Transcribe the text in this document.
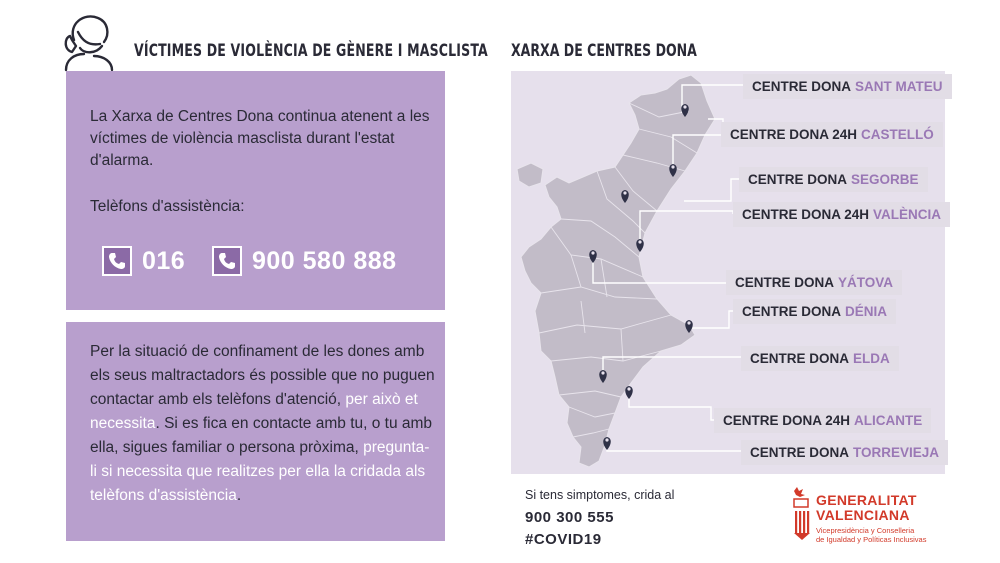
VÍCTIMES DE VIOLÈNCIA DE GÈNERE I MASCLISTA
La Xarxa de Centres Dona continua atenent a les víctimes de violència masclista durant l'estat d'alarma.
Telèfons d'assistència:
016	900 580 888

Per la situació de confinament de les dones amb els seus maltractadors és possible que no puguen contactar amb els telèfons d'atenció, per això et necessita. Si es fica en contacte amb tu, o tu amb ella, sigues familiar o persona pròxima, pregunta-li si necessita que realitzes per ella la cridada als telèfons d'assistència.

XARXA DE CENTRES DONA
CENTRE DONA SANT MATEU
CENTRE DONA 24H CASTELLÓ
CENTRE DONA SEGORBE
CENTRE DONA 24H VALÈNCIA
CENTRE DONA YÁTOVA
CENTRE DONA DÉNIA
CENTRE DONA ELDA
CENTRE DONA 24H ALICANTE
CENTRE DONA TORREVIEJA
Si tens simptomes, crida al
900 300 555
#COVID19
GENERALITAT
VALENCIANA
Vicepresidència y Conselleria
de Igualdad y Políticas Inclusivas
